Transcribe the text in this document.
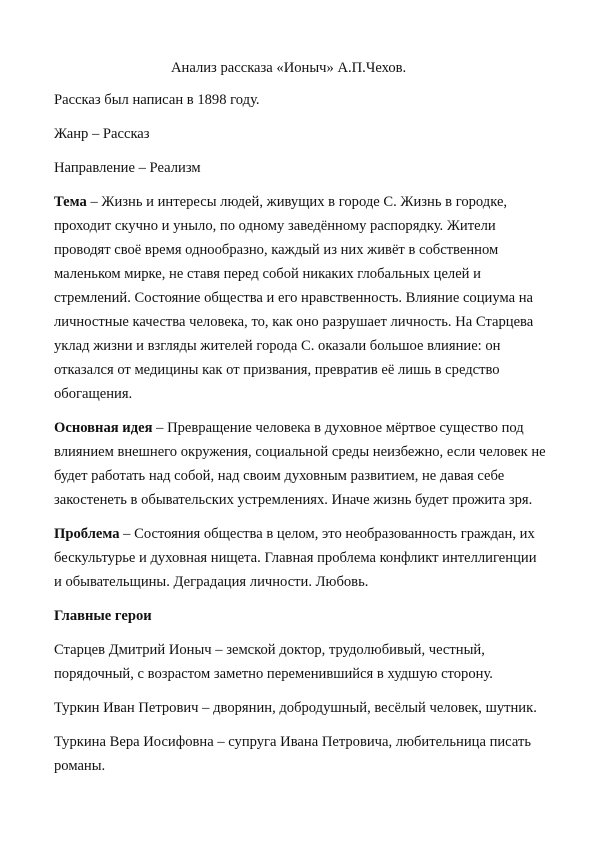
Анализ рассказа «Ионыч» А.П.Чехов.
Рассказ был написан в 1898 году.
Жанр – Рассказ
Направление – Реализм
Тема – Жизнь и интересы людей, живущих в городе С. Жизнь в городке, проходит скучно и уныло, по одному заведённому распорядку. Жители проводят своё время однообразно, каждый из них живёт в собственном маленьком мирке, не ставя перед собой никаких глобальных целей и стремлений. Состояние общества и его нравственность. Влияние социума на личностные качества человека, то, как оно разрушает личность. На Старцева уклад жизни и взгляды жителей города С. оказали большое влияние: он отказался от медицины как от призвания, превратив её лишь в средство обогащения.
Основная идея – Превращение человека в духовное мёртвое существо под влиянием внешнего окружения, социальной среды неизбежно, если человек не будет работать над собой, над своим духовным развитием, не давая себе закостенеть в обывательских устремлениях. Иначе жизнь будет прожита зря.
Проблема – Состояния общества в целом, это необразованность граждан, их бескультурье и духовная нищета. Главная проблема конфликт интеллигенции и обывательщины. Деградация личности. Любовь.
Главные герои
Старцев Дмитрий Ионыч – земской доктор, трудолюбивый, честный, порядочный, с возрастом заметно переменившийся в худшую сторону.
Туркин Иван Петрович – дворянин, добродушный, весёлый человек, шутник.
Туркина Вера Иосифовна – супруга Ивана Петровича, любительница писать романы.
